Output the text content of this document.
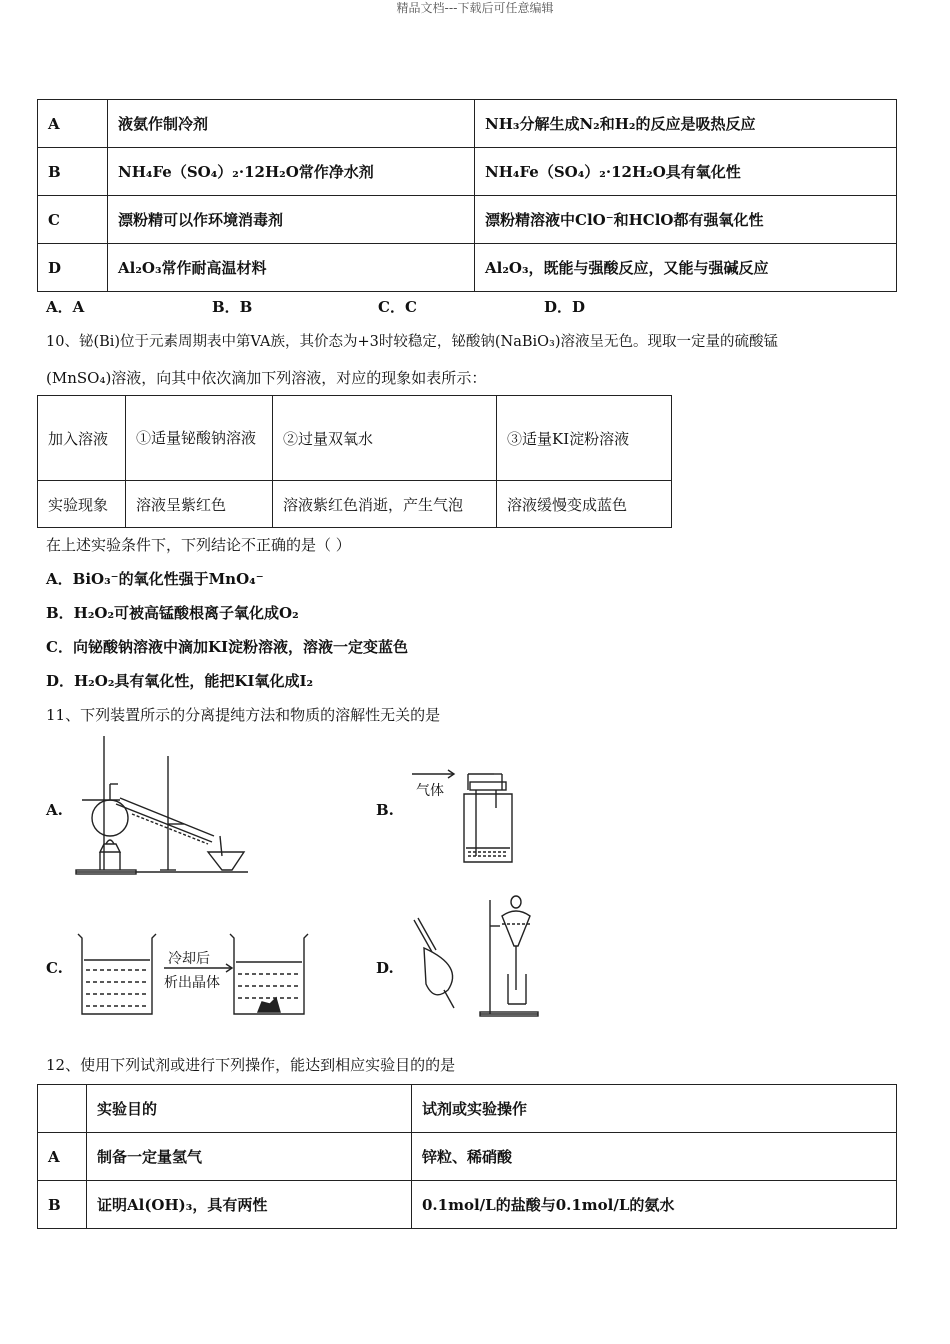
精品文档---下载后可任意编辑
A	液氨作制冷剂	NH₃分解生成N₂和H₂的反应是吸热反应
B	NH₄Fe（SO₄）₂·12H₂O常作净水剂	NH₄Fe（SO₄）₂·12H₂O具有氧化性
C	漂粉精可以作环境消毒剂	漂粉精溶液中ClO⁻和HClO都有强氧化性
D	Al₂O₃常作耐高温材料	Al₂O₃，既能与强酸反应，又能与强碱反应
A．A	B．B	C．C	D．D
10、铋(Bi)位于元素周期表中第VA族，其价态为+3时较稳定，铋酸钠(NaBiO₃)溶液呈无色。现取一定量的硫酸锰
(MnSO₄)溶液，向其中依次滴加下列溶液，对应的现象如表所示：
加入溶液	①适量铋酸钠溶液	②过量双氧水	③适量KI淀粉溶液
实验现象	溶液呈紫红色	溶液紫红色消逝，产生气泡	溶液缓慢变成蓝色
在上述实验条件下，下列结论不正确的是（ ）
A．BiO₃⁻的氧化性强于MnO₄⁻
B．H₂O₂可被高锰酸根离子氧化成O₂
C．向铋酸钠溶液中滴加KI淀粉溶液，溶液一定变蓝色
D．H₂O₂具有氧化性，能把KI氧化成I₂
11、下列装置所示的分离提纯方法和物质的溶解性无关的是
A.	B.
C.	D.
气体
冷却后
析出晶体
12、使用下列试剂或进行下列操作，能达到相应实验目的的是
	实验目的	试剂或实验操作
A	制备一定量氢气	锌粒、稀硝酸
B	证明Al(OH)₃，具有两性	0.1mol/L的盐酸与0.1mol/L的氨水
